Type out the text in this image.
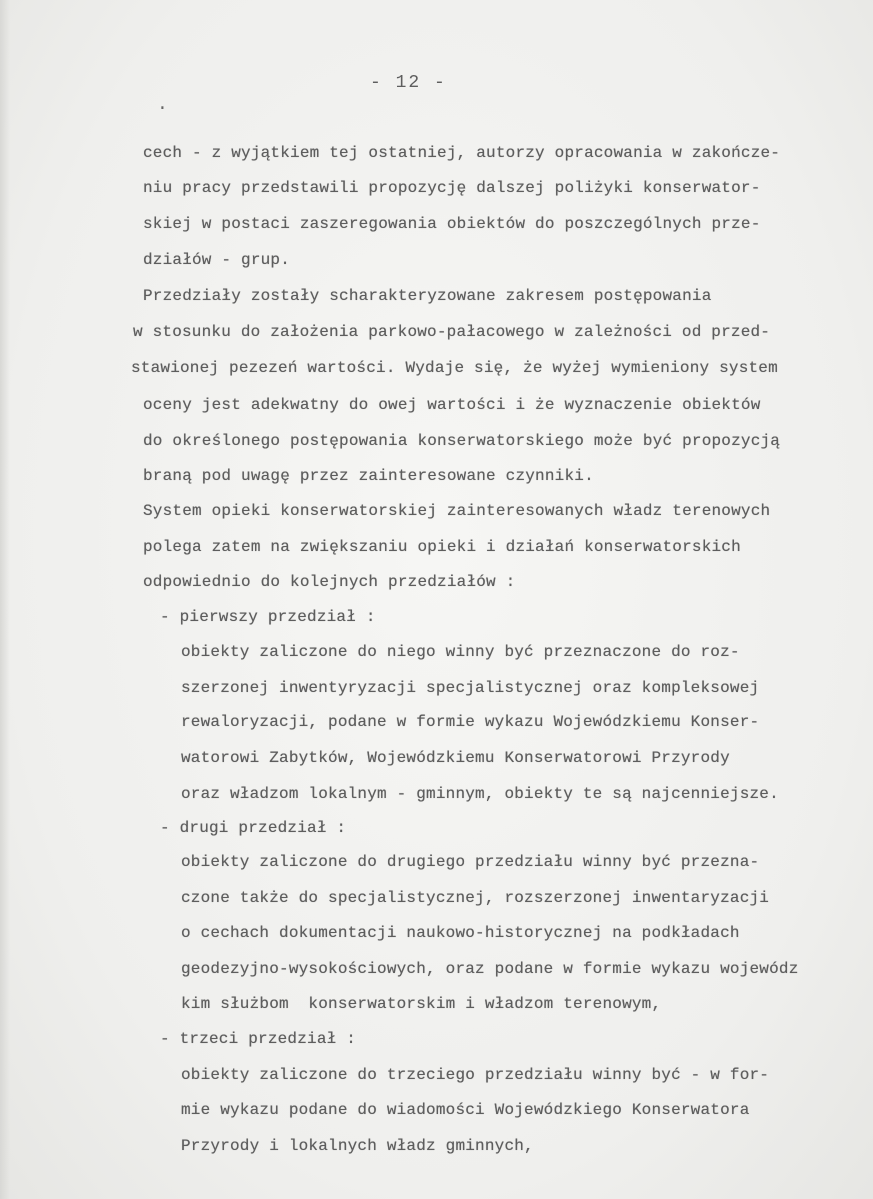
.
- 12 -
cech - z wyjątkiem tej ostatniej, autorzy opracowania w zakończe-
niu pracy przedstawili propozycję dalszej poliżyki konserwator-
skiej w postaci zaszeregowania obiektów do poszczególnych prze-
działów - grup.
Przedziały zostały scharakteryzowane zakresem postępowania
w stosunku do założenia parkowo-pałacowego w zależności od przed-
stawionej pezezeń wartości. Wydaje się, że wyżej wymieniony system
oceny jest adekwatny do owej wartości i że wyznaczenie obiektów
do określonego postępowania konserwatorskiego może być propozycją
braną pod uwagę przez zainteresowane czynniki.
System opieki konserwatorskiej zainteresowanych władz terenowych
polega zatem na zwiększaniu opieki i działań konserwatorskich
odpowiednio do kolejnych przedziałów :
- pierwszy przedział :
obiekty zaliczone do niego winny być przeznaczone do roz-
szerzonej inwentyryzacji specjalistycznej oraz kompleksowej
rewaloryzacji, podane w formie wykazu Wojewódzkiemu Konser-
watorowi Zabytków, Wojewódzkiemu Konserwatorowi Przyrody
oraz władzom lokalnym - gminnym, obiekty te są najcenniejsze.
- drugi przedział :
obiekty zaliczone do drugiego przedziału winny być przezna-
czone także do specjalistycznej, rozszerzonej inwentaryzacji
o cechach dokumentacji naukowo-historycznej na podkładach
geodezyjno-wysokościowych, oraz podane w formie wykazu wojewódz
kim służbom  konserwatorskim i władzom terenowym,
- trzeci przedział :
obiekty zaliczone do trzeciego przedziału winny być - w for-
mie wykazu podane do wiadomości Wojewódzkiego Konserwatora
Przyrody i lokalnych władz gminnych,
